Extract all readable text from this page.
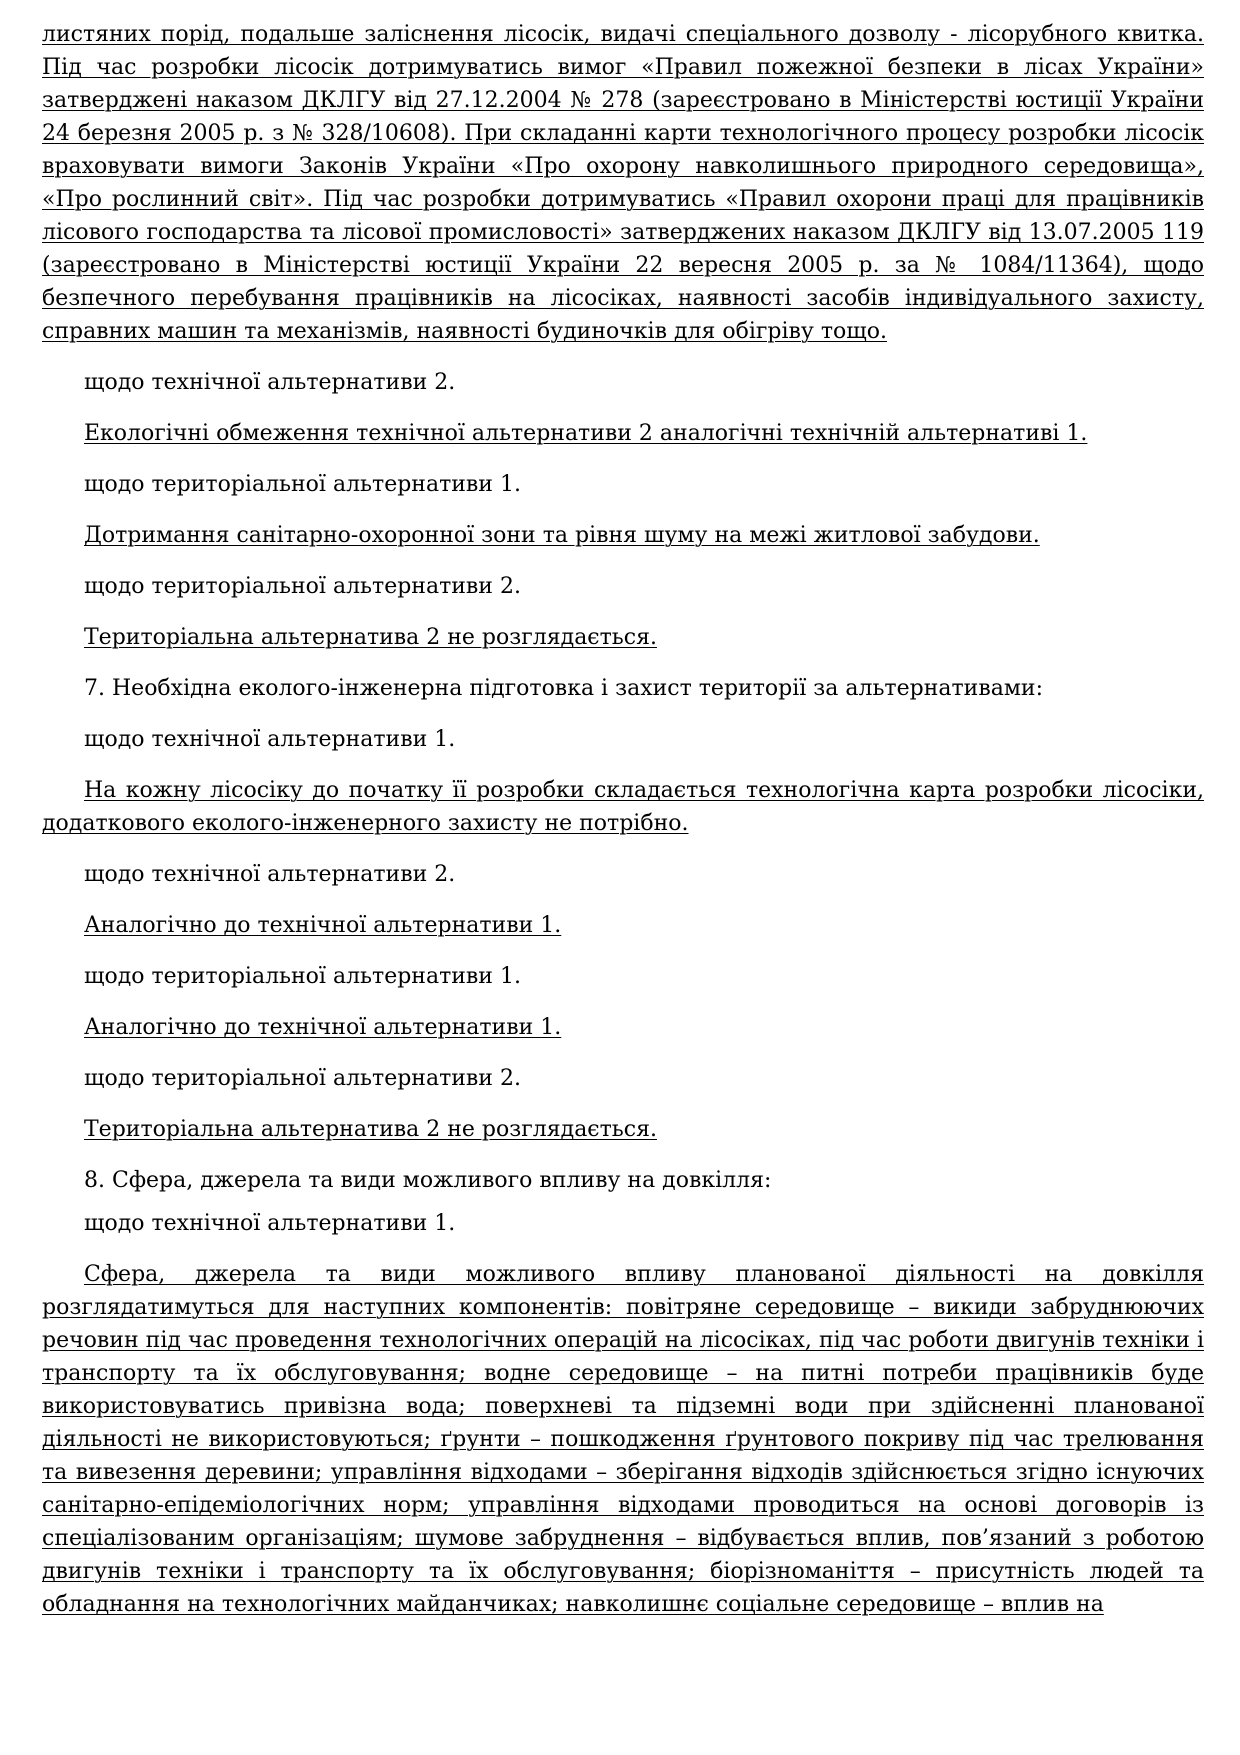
листяних порід, подальше заліснення лісосік, видачі спеціального дозволу - лісорубного квитка. Під час розробки лісосік дотримуватись вимог «Правил пожежної безпеки в лісах України» затверджені наказом ДКЛГУ від 27.12.2004 № 278 (зареєстровано в Міністерстві юстиції України 24 березня 2005 р. з № 328/10608). При складанні карти технологічного процесу розробки лісосік враховувати вимоги Законів України «Про охорону навколишнього природного середовища», «Про рослинний світ». Під час розробки дотримуватись «Правил охорони праці для працівників лісового господарства та лісової промисловості» затверджених наказом ДКЛГУ від 13.07.2005 119 (зареєстровано в Міністерстві юстиції України 22 вересня 2005 р. за № 1084/11364), щодо безпечного перебування працівників на лісосіках, наявності засобів індивідуального захисту, справних машин та механізмів, наявності будиночків для обігріву тощо.

щодо технічної альтернативи 2.

Екологічні обмеження технічної альтернативи 2 аналогічні технічній альтернативі 1.

щодо територіальної альтернативи 1.

Дотримання санітарно-охоронної зони та рівня шуму на межі житлової забудови.

щодо територіальної альтернативи 2.

Територіальна альтернатива 2 не розглядається.

7. Необхідна еколого-інженерна підготовка і захист території за альтернативами:

щодо технічної альтернативи 1.

На кожну лісосіку до початку її розробки складається технологічна карта розробки лісосіки, додаткового еколого-інженерного захисту не потрібно.

щодо технічної альтернативи 2.

Аналогічно до технічної альтернативи 1.

щодо територіальної альтернативи 1.

Аналогічно до технічної альтернативи 1.

щодо територіальної альтернативи 2.

Територіальна альтернатива 2 не розглядається.

8. Сфера, джерела та види можливого впливу на довкілля:

щодо технічної альтернативи 1.

Сфера, джерела та види можливого впливу планованої діяльності на довкілля розглядатимуться для наступних компонентів: повітряне середовище – викиди забруднюючих речовин під час проведення технологічних операцій на лісосіках, під час роботи двигунів техніки і транспорту та їх обслуговування; водне середовище – на питні потреби працівників буде використовуватись привізна вода; поверхневі та підземні води при здійсненні планованої діяльності не використовуються; ґрунти – пошкодження ґрунтового покриву під час трелювання та вивезення деревини; управління відходами – зберігання відходів здійснюється згідно існуючих санітарно-епідеміологічних норм; управління відходами проводиться на основі договорів із спеціалізованим організаціям; шумове забруднення – відбувається вплив, пов’язаний з роботою двигунів техніки і транспорту та їх обслуговування; біорізноманіття – присутність людей та обладнання на технологічних майданчиках; навколишнє соціальне середовище – вплив на
